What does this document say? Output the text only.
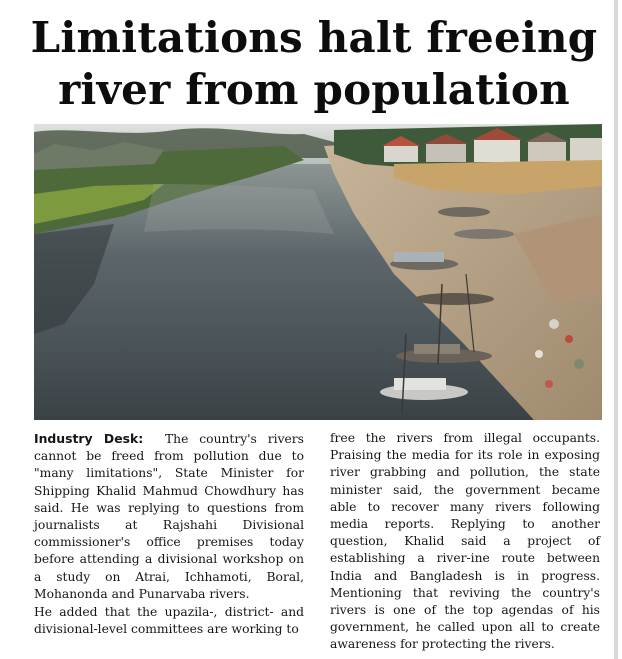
Limitations halt freeing river from population

Industry Desk: The country's rivers cannot be freed from pollution due to "many limitations", State Minister for Shipping Khalid Mahmud Chowdhury has said. He was replying to questions from journalists at Rajshahi Divisional commissioner's office premises today before attending a divisional workshop on a study on Atrai, Ichhamoti, Boral, Mohanonda and Punarvaba rivers.

He added that the upazila-, district- and divisional-level committees are working to

free the rivers from illegal occupants. Praising the media for its role in exposing river grabbing and pollution, the state minister said, the government became able to recover many rivers following media reports. Replying to another question, Khalid said a project of establishing a river-ine route between India and Bangladesh is in progress. Mentioning that reviving the country's rivers is one of the top agendas of his government, he called upon all to create awareness for protecting the rivers.
